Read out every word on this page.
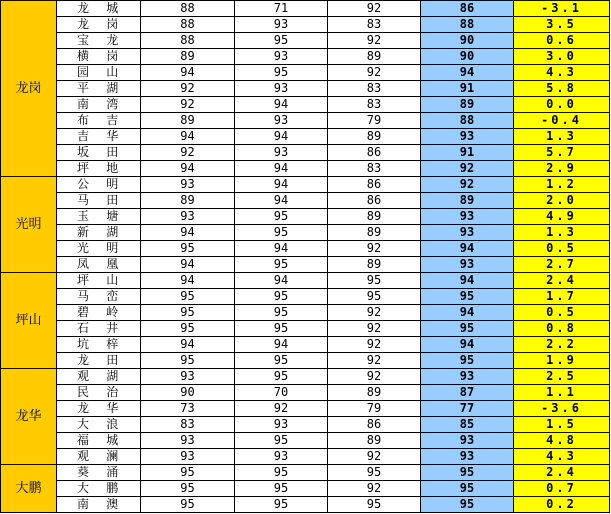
龙岗	龙 城	88	71	92	86	-3.1
	龙 岗	88	93	83	88	3.5
	宝 龙	88	95	92	90	0.6
	横 岗	89	93	89	90	3.0
	园 山	94	95	92	94	4.3
	平 湖	92	93	83	91	5.8
	南 湾	92	94	83	89	0.0
	布 吉	89	93	79	88	-0.4
	吉 华	94	94	89	93	1.3
	坂 田	92	93	86	91	5.7
	坪 地	94	94	83	92	2.9
光明	公 明	93	94	86	92	1.2
	马 田	89	94	86	89	2.0
	玉 塘	93	95	89	93	4.9
	新 湖	94	95	89	93	1.3
	光 明	95	94	92	94	0.5
	凤 凰	94	95	89	93	2.7
坪山	坪 山	94	94	95	94	2.4
	马 峦	95	95	95	95	1.7
	碧 岭	95	95	92	94	0.5
	石 井	95	95	92	95	0.8
	坑 梓	94	94	92	94	2.2
	龙 田	95	95	92	95	1.9
龙华	观 湖	93	95	92	93	2.5
	民 治	90	70	89	87	1.1
	龙 华	73	92	79	77	-3.6
	大 浪	83	93	86	85	1.5
	福 城	93	95	89	93	4.8
	观 澜	93	93	92	93	4.3
大鹏	葵 涌	95	95	95	95	2.4
	大 鹏	95	95	92	95	0.7
	南 澳	95	95	95	95	0.2
